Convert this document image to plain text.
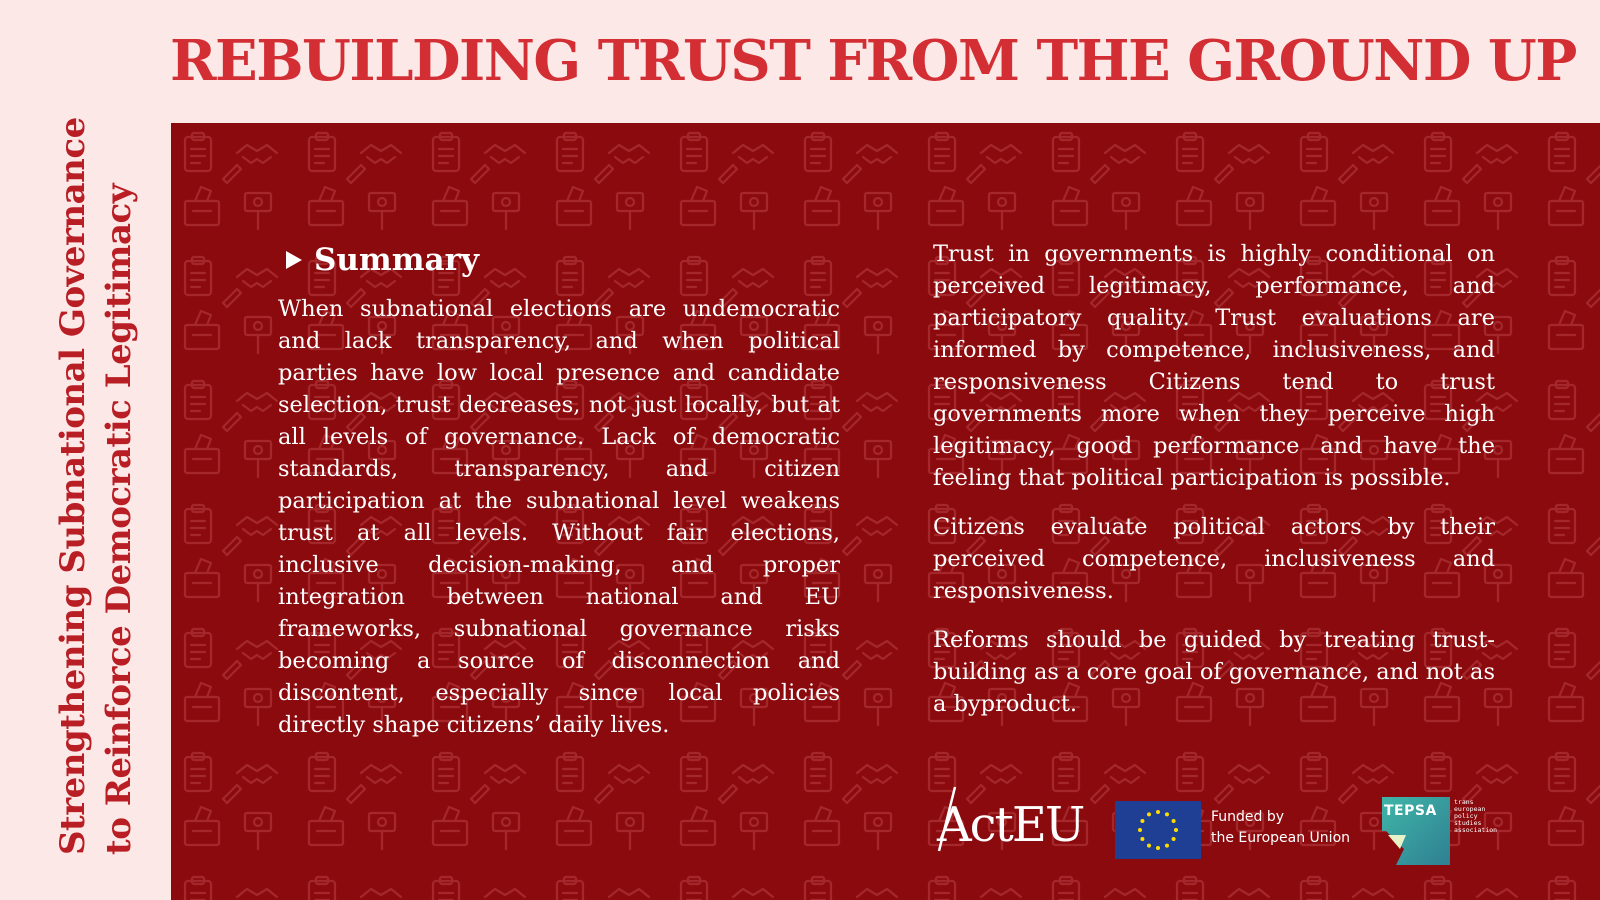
REBUILDING TRUST FROM THE GROUND UP
Strengthening Subnational Governance to Reinforce Democratic Legitimacy	Summary

When subnational elections are undemocratic and lack transparency, and when political parties have low local presence and candidate selection, trust decreases, not just locally, but at all levels of governance. Lack of democratic standards, transparency, and citizen participation at the subnational level weakens trust at all levels. Without fair elections, inclusive decision-making, and proper integration between national and EU frameworks, subnational governance risks becoming a source of disconnection and discontent, especially since local policies directly shape citizens’ daily lives.

Trust in governments is highly conditional on perceived legitimacy, performance, and participatory quality. Trust evaluations are informed by competence, inclusiveness, and responsiveness Citizens tend to trust governments more when they perceive high legitimacy, good performance and have the feeling that political participation is possible.

Citizens evaluate political actors by their perceived competence, inclusiveness and responsiveness.

Reforms should be guided by treating trust-building as a core goal of governance, and not as a byproduct.

ActEU	Funded by
the European Union
TEPSA
trans european policy studies association
